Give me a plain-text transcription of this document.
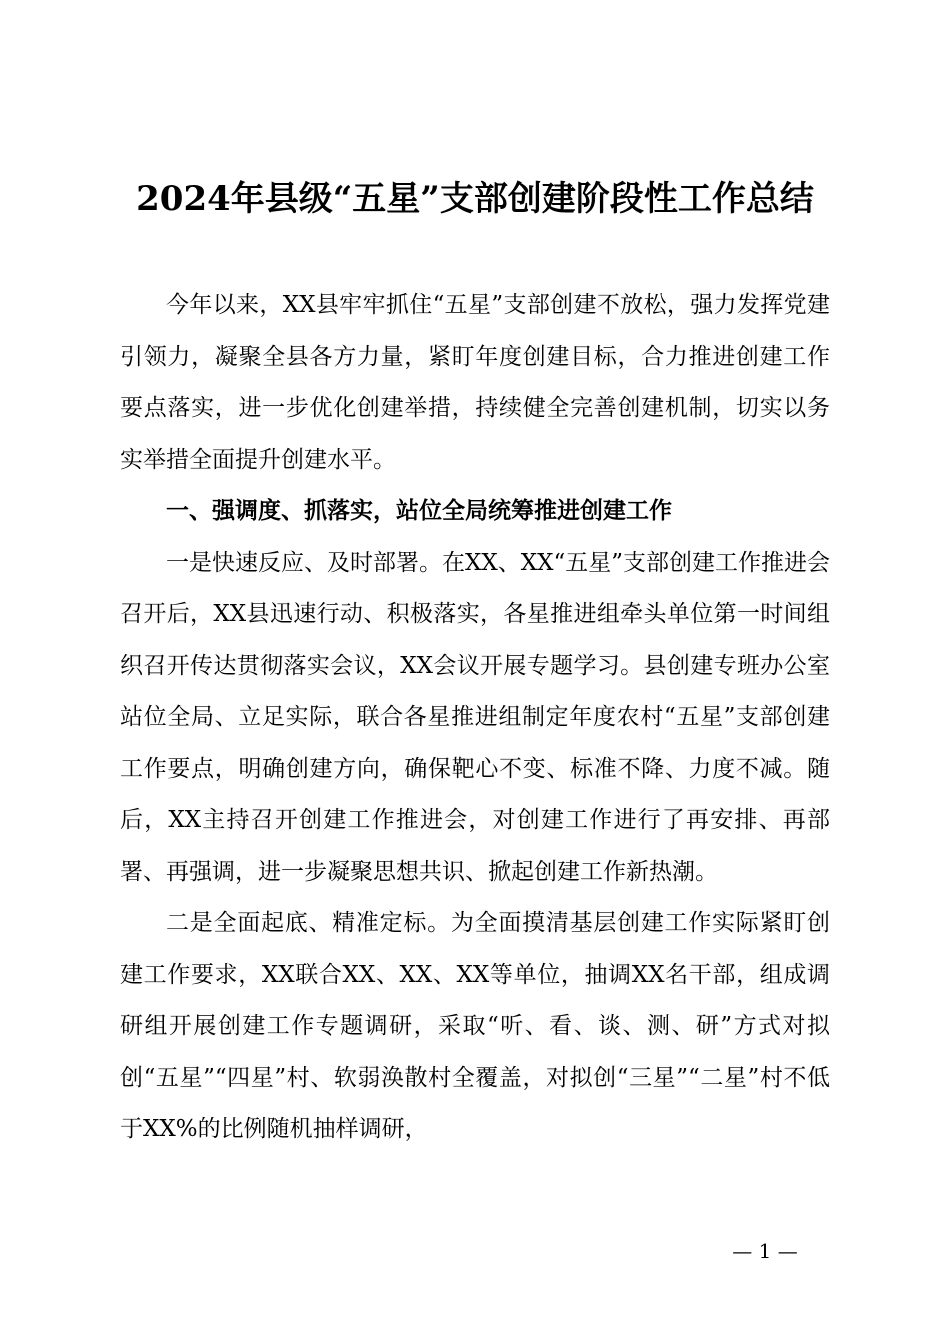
2024年县级“五星”支部创建阶段性工作总结

今年以来，XX县牢牢抓住“五星”支部创建不放松，强力发挥党建引领力，凝聚全县各方力量，紧盯年度创建目标，合力推进创建工作要点落实，进一步优化创建举措，持续健全完善创建机制，切实以务实举措全面提升创建水平。

一、强调度、抓落实，站位全局统筹推进创建工作

一是快速反应、及时部署。在XX、XX“五星”支部创建工作推进会召开后，XX县迅速行动、积极落实，各星推进组牵头单位第一时间组织召开传达贯彻落实会议，XX会议开展专题学习。县创建专班办公室站位全局、立足实际，联合各星推进组制定年度农村“五星”支部创建工作要点，明确创建方向，确保靶心不变、标准不降、力度不减。随后，XX主持召开创建工作推进会，对创建工作进行了再安排、再部署、再强调，进一步凝聚思想共识、掀起创建工作新热潮。

二是全面起底、精准定标。为全面摸清基层创建工作实际紧盯创建工作要求，XX联合XX、XX、XX等单位，抽调XX名干部，组成调研组开展创建工作专题调研，采取“听、看、谈、测、研”方式对拟创“五星”“四星”村、软弱涣散村全覆盖，对拟创“三星”“二星”村不低于XX%的比例随机抽样调研，

— 1 —
